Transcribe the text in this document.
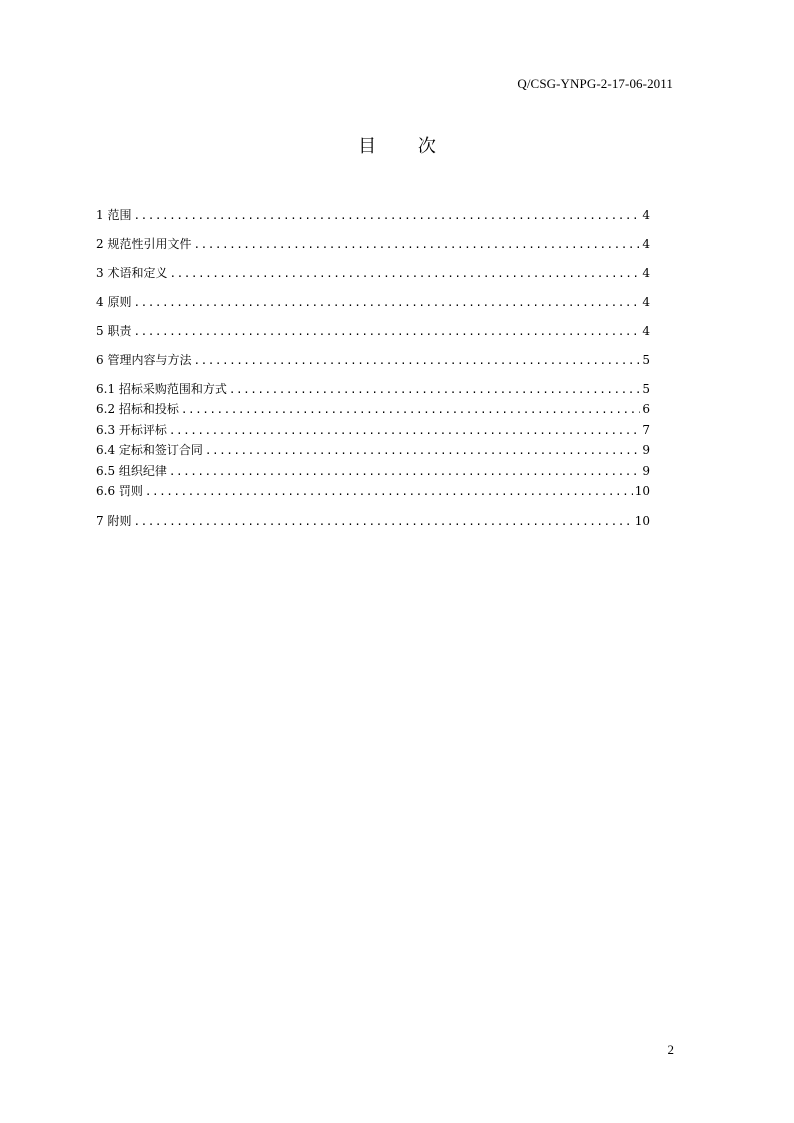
Q/CSG-YNPG-2-17-06-2011
目 次
1 范围 .....	4
2 规范性引用文件 .....	4
3 术语和定义 .....	4
4 原则 .....	4
5 职责 .....	4
6 管理内容与方法 .....	5
6.1 招标采购范围和方式 .....	5
6.2 招标和投标 .....	6
6.3 开标评标 .....	7
6.4 定标和签订合同 .....	9
6.5 组织纪律 .....	9
6.6 罚则 .....	10
7 附则 .....	10
2
